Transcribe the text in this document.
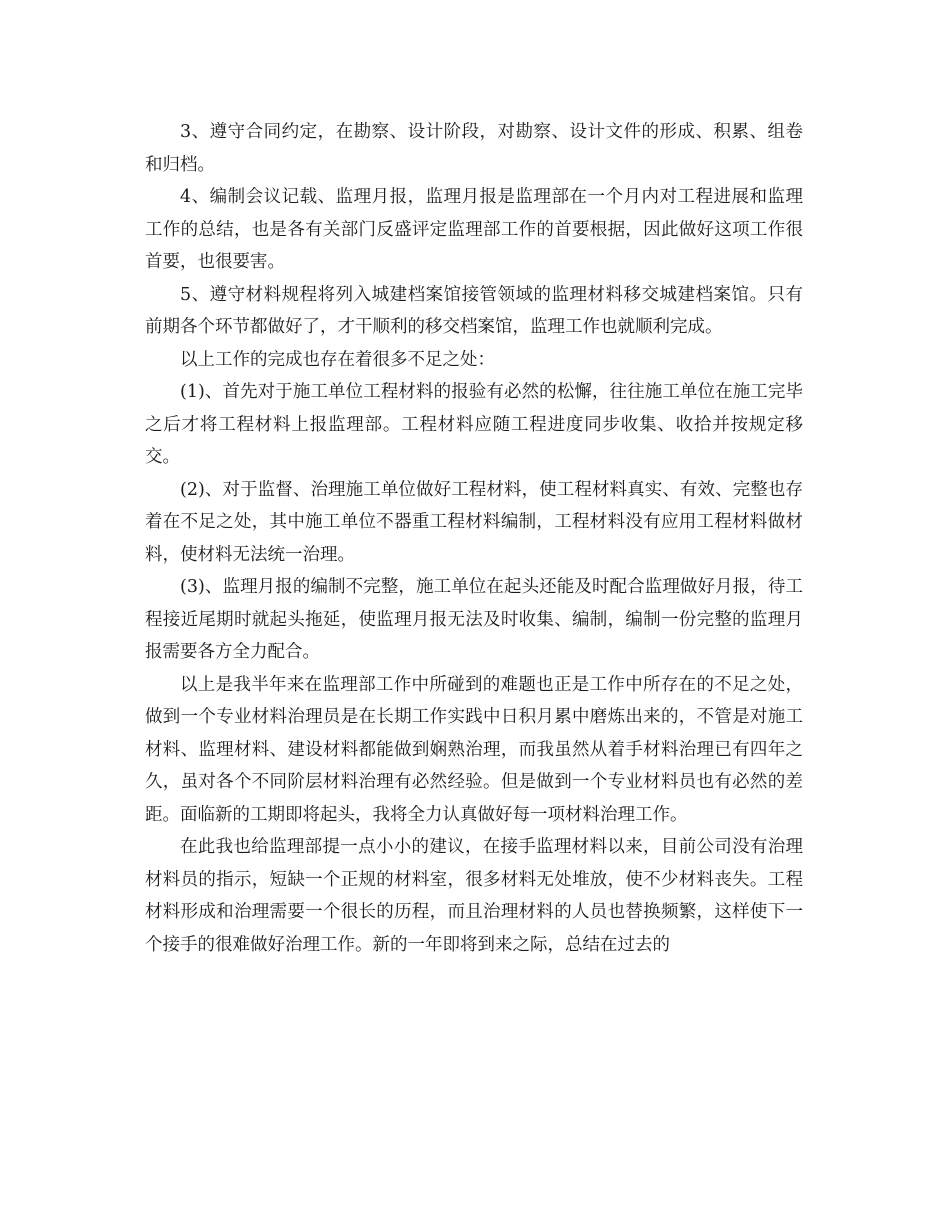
3、遵守合同约定，在勘察、设计阶段，对勘察、设计文件的形成、积累、组卷和归档。

4、编制会议记载、监理月报，监理月报是监理部在一个月内对工程进展和监理工作的总结，也是各有关部门反盛评定监理部工作的首要根据，因此做好这项工作很首要，也很要害。

5、遵守材料规程将列入城建档案馆接管领域的监理材料移交城建档案馆。只有前期各个环节都做好了，才干顺利的移交档案馆，监理工作也就顺利完成。

以上工作的完成也存在着很多不足之处：

(1)、首先对于施工单位工程材料的报验有必然的松懈，往往施工单位在施工完毕之后才将工程材料上报监理部。工程材料应随工程进度同步收集、收拾并按规定移交。

(2)、对于监督、治理施工单位做好工程材料，使工程材料真实、有效、完整也存着在不足之处，其中施工单位不器重工程材料编制，工程材料没有应用工程材料做材料，使材料无法统一治理。

(3)、监理月报的编制不完整，施工单位在起头还能及时配合监理做好月报，待工程接近尾期时就起头拖延，使监理月报无法及时收集、编制，编制一份完整的监理月报需要各方全力配合。

以上是我半年来在监理部工作中所碰到的难题也正是工作中所存在的不足之处，做到一个专业材料治理员是在长期工作实践中日积月累中磨炼出来的，不管是对施工材料、监理材料、建设材料都能做到娴熟治理，而我虽然从着手材料治理已有四年之久，虽对各个不同阶层材料治理有必然经验。但是做到一个专业材料员也有必然的差距。面临新的工期即将起头，我将全力认真做好每一项材料治理工作。

在此我也给监理部提一点小小的建议，在接手监理材料以来，目前公司没有治理材料员的指示，短缺一个正规的材料室，很多材料无处堆放，使不少材料丧失。工程材料形成和治理需要一个很长的历程，而且治理材料的人员也替换频繁，这样使下一个接手的很难做好治理工作。新的一年即将到来之际，总结在过去的
